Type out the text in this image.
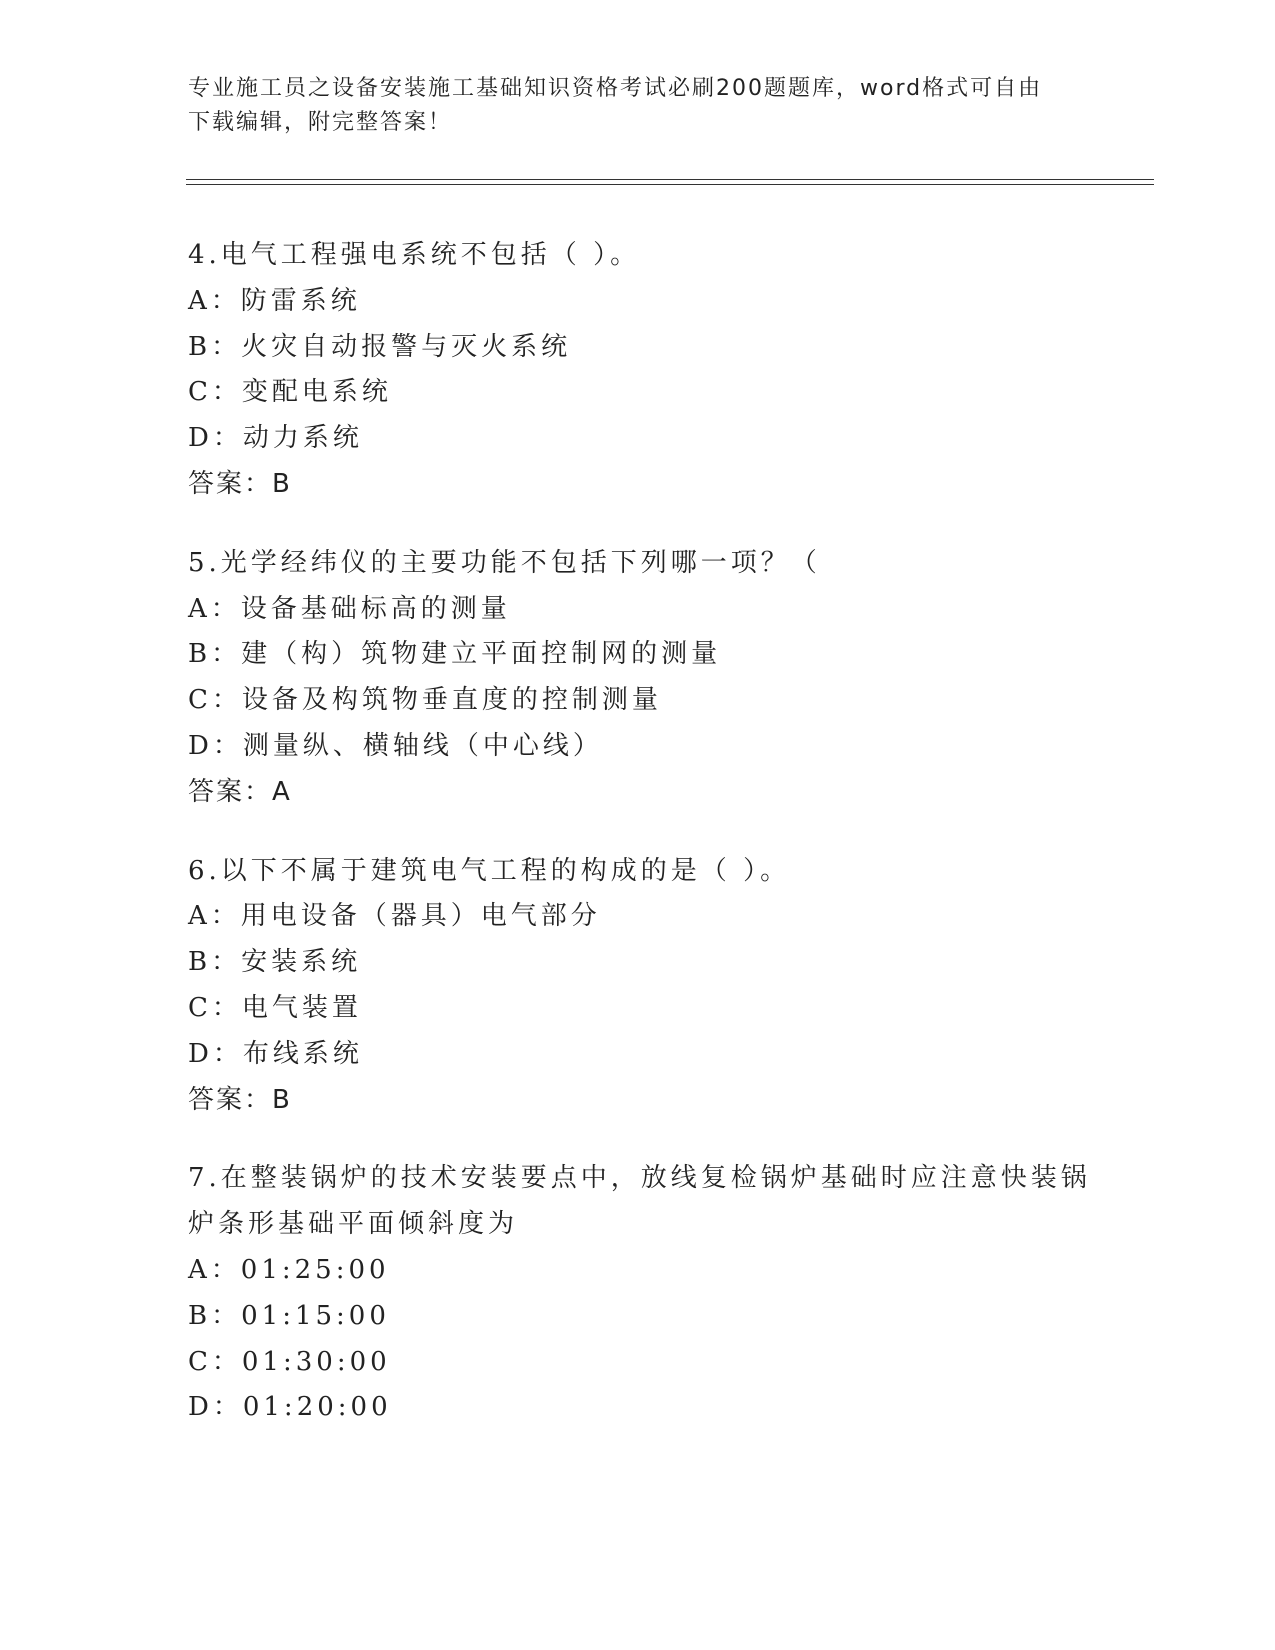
专业施工员之设备安装施工基础知识资格考试必刷200题题库，word格式可自由
下载编辑，附完整答案！
4.电气工程强电系统不包括（ ）。
A：防雷系统
B：火灾自动报警与灭火系统
C：变配电系统
D：动力系统
答案：B
5.光学经纬仪的主要功能不包括下列哪一项？（
A：设备基础标高的测量
B：建（构）筑物建立平面控制网的测量
C：设备及构筑物垂直度的控制测量
D：测量纵、横轴线（中心线）
答案：A
6.以下不属于建筑电气工程的构成的是（ ）。
A：用电设备（器具）电气部分
B：安装系统
C：电气装置
D：布线系统
答案：B
7.在整装锅炉的技术安装要点中，放线复检锅炉基础时应注意快装锅
炉条形基础平面倾斜度为
A：01:25:00
B：01:15:00
C：01:30:00
D：01:20:00
